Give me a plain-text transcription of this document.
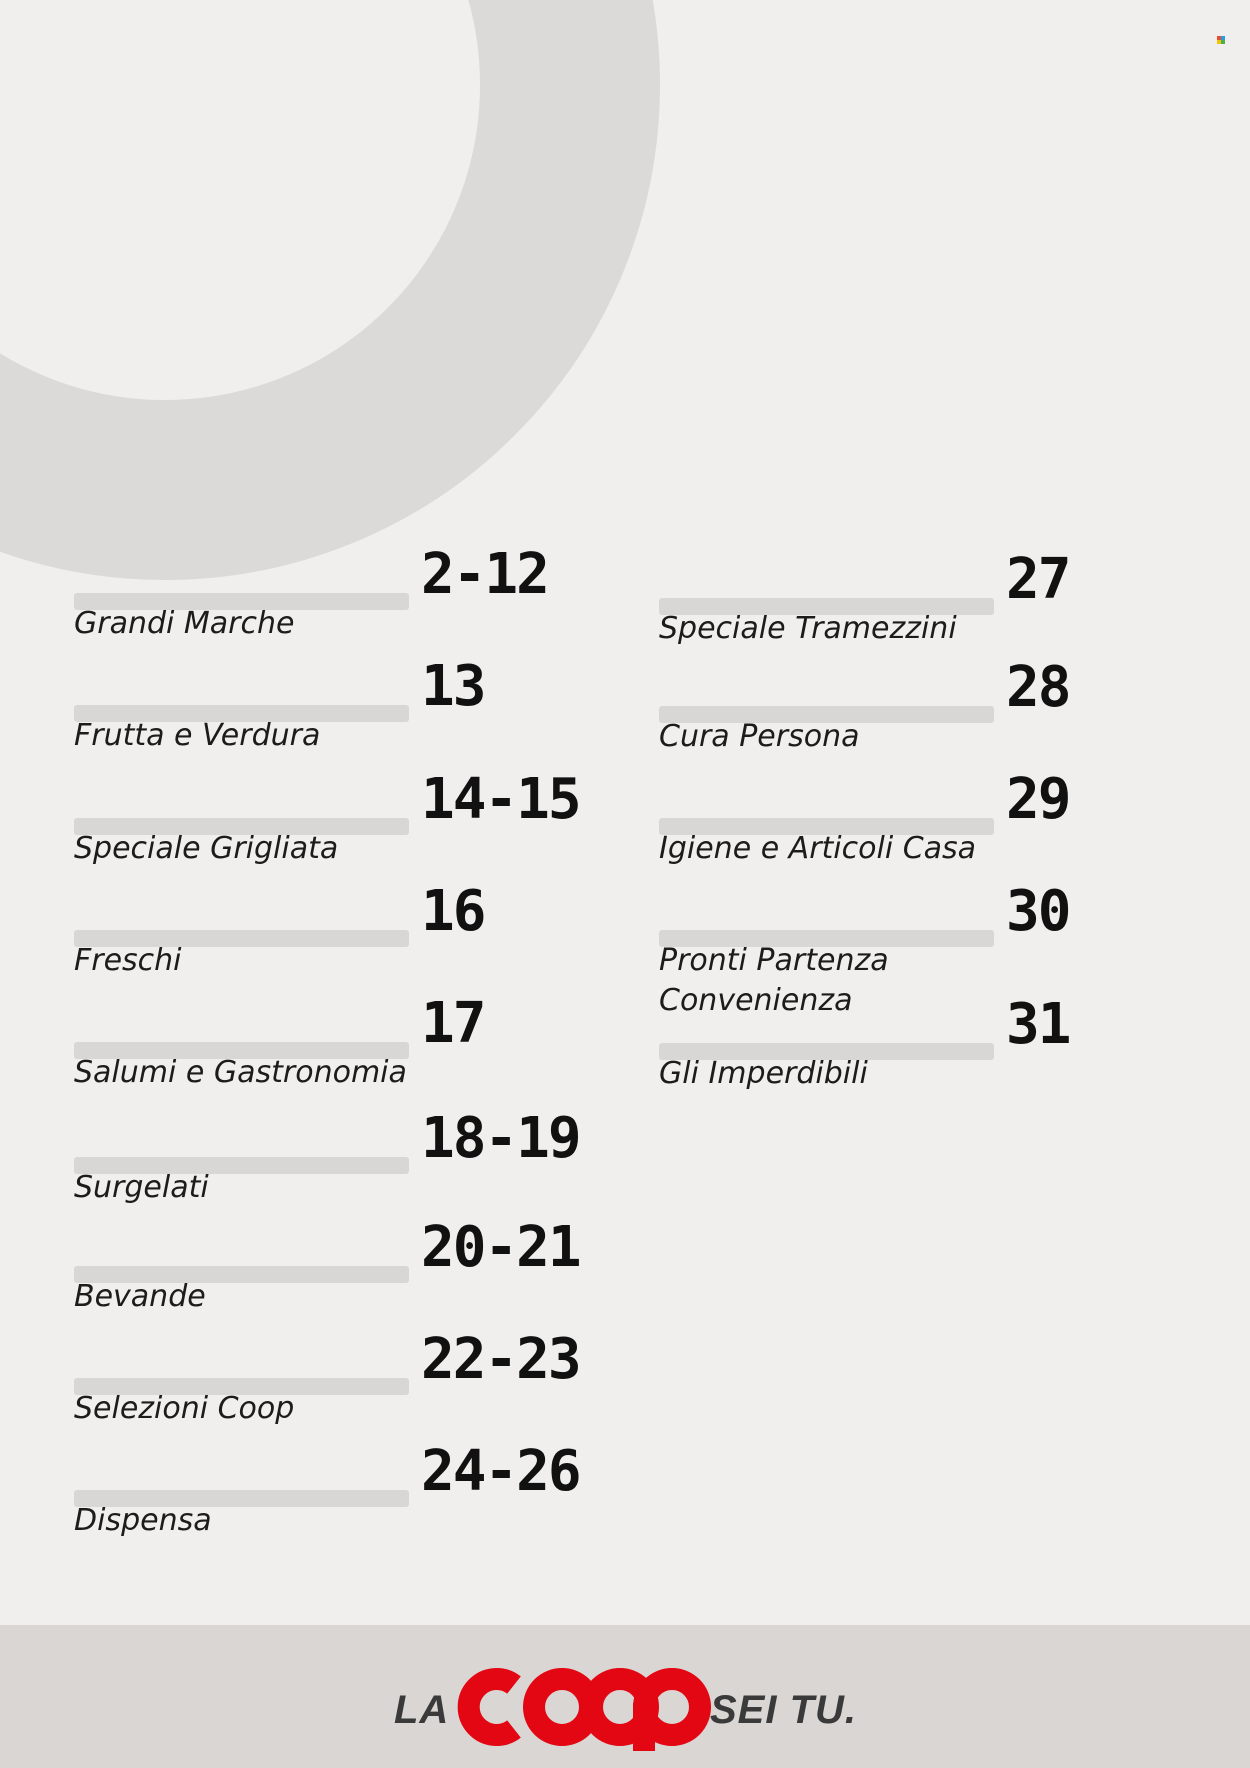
Grandi Marche
2-12
Frutta e Verdura
13
Speciale Grigliata
14-15
Freschi
16
Salumi e Gastronomia
17
Surgelati
18-19
Bevande
20-21
Selezioni Coop
22-23
Dispensa
24-26
Speciale Tramezzini
27
Cura Persona
28
Igiene e Articoli Casa
29
Pronti Partenza
Convenienza
30
Gli Imperdibili
31
LA
coop
SEI TU.
